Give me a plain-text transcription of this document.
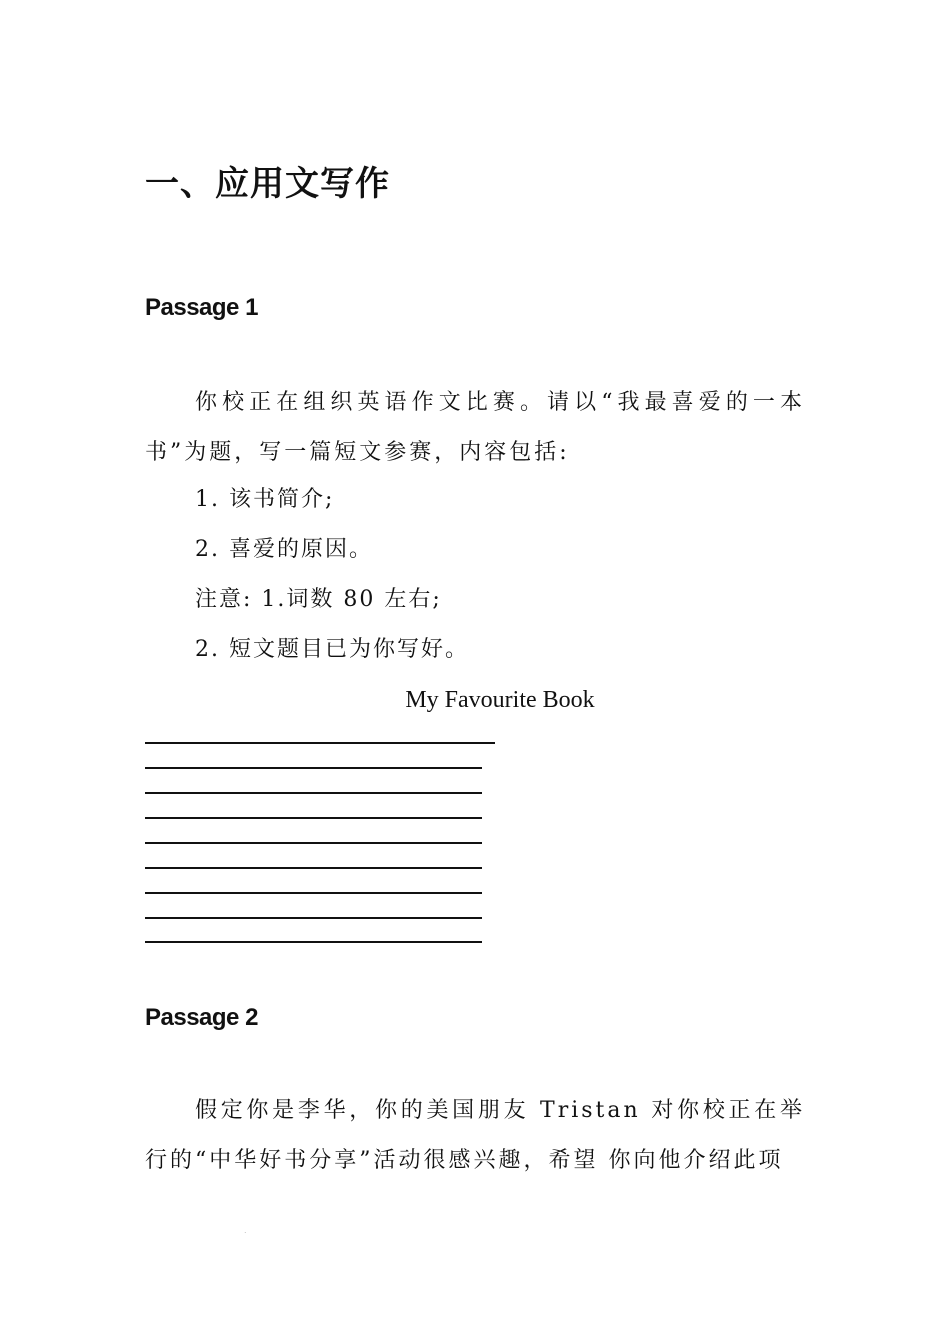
一、应用文写作
Passage 1

你校正在组织英语作文比赛。请以“我最喜爱的一本书”为题，写一篇短文参赛，内容包括:

1. 该书简介;
2. 喜爱的原因。
注意: 1.词数 80 左右;
2. 短文题目已为你写好。
My Favourite Book
Passage 2

假定你是李华，你的美国朋友 Tristan 对你校正在举行的“中华好书分享”活动很感兴趣，希望 你向他介绍此项

.
